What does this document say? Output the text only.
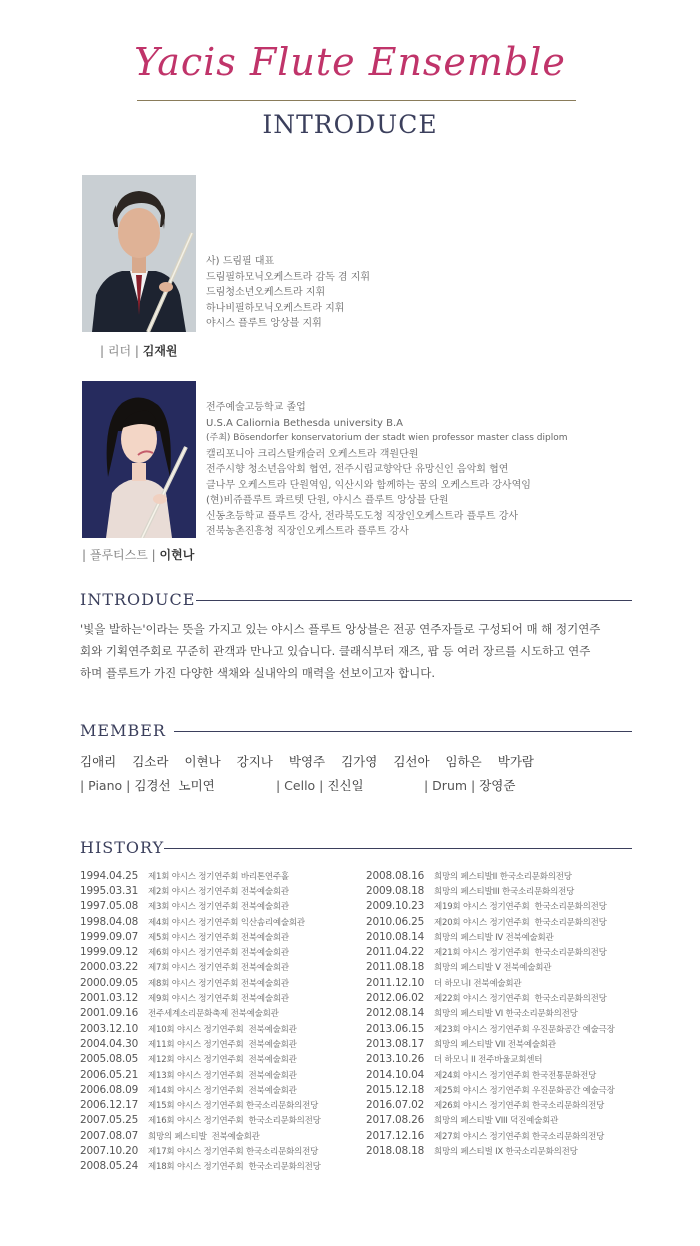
Yacis Flute Ensemble
INTRODUCE
사) 드림필 대표
드림필하모닉오케스트라 감독 겸 지휘
드림청소년오케스트라 지휘
하나비필하모닉오케스트라 지휘
야시스 플루트 앙상블 지휘
| 리더 | 김재원
전주예술고등학교 졸업
U.S.A Caliornia Bethesda university B.A
(주최) Bösendorfer konservatorium der stadt wien professor master class diplom
캘리포니아 크리스탈캐슬러 오케스트라 객원단원
전주시향 청소년음악회 협연, 전주시립교향악단 유망신인 음악회 협연
클나무 오케스트라 단원역임, 익산시와 함께하는 꿈의 오케스트라 강사역임
(현)비쥬플루트 콰르텟 단원, 야시스 플루트 앙상블 단원
신동초등학교 플루트 강사, 전라북도도청 직장인오케스트라 플루트 강사
전북농촌진흥청 직장인오케스트라 플루트 강사
| 플루티스트 | 이현나
INTRODUCE
'빛을 발하는'이라는 뜻을 가지고 있는 야시스 플루트 앙상블은 전공 연주자들로 구성되어 매 해 정기연주
회와 기획연주회로 꾸준히 관객과 만나고 있습니다. 클래식부터 재즈, 팝 등 여러 장르를 시도하고 연주
하며 플루트가 가진 다양한 색채와 실내악의 매력을 선보이고자 합니다.
MEMBER
김애리 김소라 이현나 강지나 박영주 김가영 김선아 임하은 박가람
| Piano | 김경선  노미연	| Cello | 진신일	| Drum | 장영준
HISTORY
1994.04.25	제1회 야시스 정기연주회 바리톤연주홀
1995.03.31	제2회 야시스 정기연주회 전북예술회관
1997.05.08	제3회 야시스 정기연주회 전북예술회관
1998.04.08	제4회 야시스 정기연주회 익산솜리예술회관
1999.09.07	제5회 야시스 정기연주회 전북예술회관
1999.09.12	제6회 야시스 정기연주회 전북예술회관
2000.03.22	제7회 야시스 정기연주회 전북예술회관
2000.09.05	제8회 야시스 정기연주회 전북예술회관
2001.03.12	제9회 야시스 정기연주회 전북예술회관
2001.09.16	전주세계소리문화축제 전북예술회관
2003.12.10	제10회 야시스 정기연주회  전북예술회관
2004.04.30	제11회 야시스 정기연주회  전북예술회관
2005.08.05	제12회 야시스 정기연주회  전북예술회관
2006.05.21	제13회 야시스 정기연주회  전북예술회관
2006.08.09	제14회 야시스 정기연주회  전북예술회관
2006.12.17	제15회 야시스 정기연주회 한국소리문화의전당
2007.05.25	제16회 야시스 정기연주회  한국소리문화의전당
2007.08.07	희망의 페스티발  전북예술회관
2007.10.20	제17회 야시스 정기연주회 한국소리문화의전당
2008.05.24	제18회 야시스 정기연주회  한국소리문화의전당
2008.08.16	희망의 페스티발II 한국소리문화의전당
2009.08.18	희망의 페스티발III 한국소리문화의전당
2009.10.23	제19회 야시스 정기연주회  한국소리문화의전당
2010.06.25	제20회 야시스 정기연주회  한국소리문화의전당
2010.08.14	희망의 페스티발 IV 전북예술회관
2011.04.22	제21회 야시스 정기연주회  한국소리문화의전당
2011.08.18	희망의 페스티발 V 전북예술회관
2011.12.10	더 하모니I 전북예술회관
2012.06.02	제22회 야시스 정기연주회  한국소리문화의전당
2012.08.14	희망의 페스티발 VI 한국소리문화의전당
2013.06.15	제23회 야시스 정기연주회 우진문화공간 예술극장
2013.08.17	희망의 페스티발 VII 전북예술회관
2013.10.26	더 하모니 II 전주바울교회센터
2014.10.04	제24회 야시스 정기연주회 한국전통문화전당
2015.12.18	제25회 야시스 정기연주회 우진문화공간 예술극장
2016.07.02	제26회 야시스 정기연주회 한국소리문화의전당
2017.08.26	희망의 페스티발 VIII 덕진예술회관
2017.12.16	제27회 야시스 정기연주회 한국소리문화의전당
2018.08.18	희망의 페스티벌 IX 한국소리문화의전당
